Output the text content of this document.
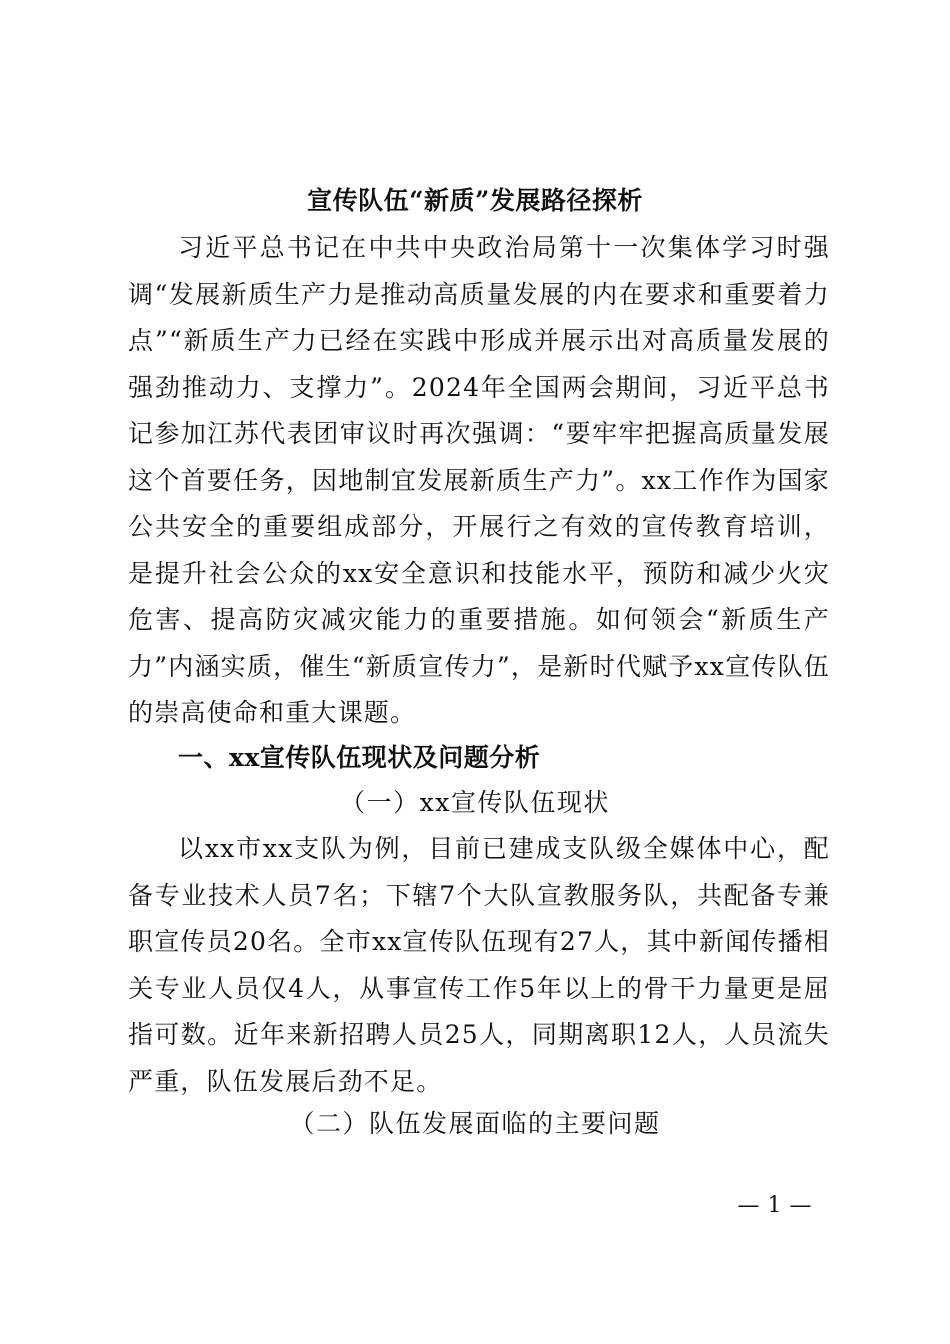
宣传队伍“新质”发展路径探析

习近平总书记在中共中央政治局第十一次集体学习时强调“发展新质生产力是推动高质量发展的内在要求和重要着力点”“新质生产力已经在实践中形成并展示出对高质量发展的强劲推动力、支撑力”。2024年全国两会期间，习近平总书记参加江苏代表团审议时再次强调：“要牢牢把握高质量发展这个首要任务，因地制宜发展新质生产力”。xx工作作为国家公共安全的重要组成部分，开展行之有效的宣传教育培训，是提升社会公众的xx安全意识和技能水平，预防和减少火灾危害、提高防灾减灾能力的重要措施。如何领会“新质生产力”内涵实质，催生“新质宣传力”，是新时代赋予xx宣传队伍的崇高使命和重大课题。

一、xx宣传队伍现状及问题分析
（一）xx宣传队伍现状

以xx市xx支队为例，目前已建成支队级全媒体中心，配备专业技术人员7名；下辖7个大队宣教服务队，共配备专兼职宣传员20名。全市xx宣传队伍现有27人，其中新闻传播相关专业人员仅4人，从事宣传工作5年以上的骨干力量更是屈指可数。近年来新招聘人员25人，同期离职12人，人员流失严重，队伍发展后劲不足。

（二）队伍发展面临的主要问题
— 1 —
